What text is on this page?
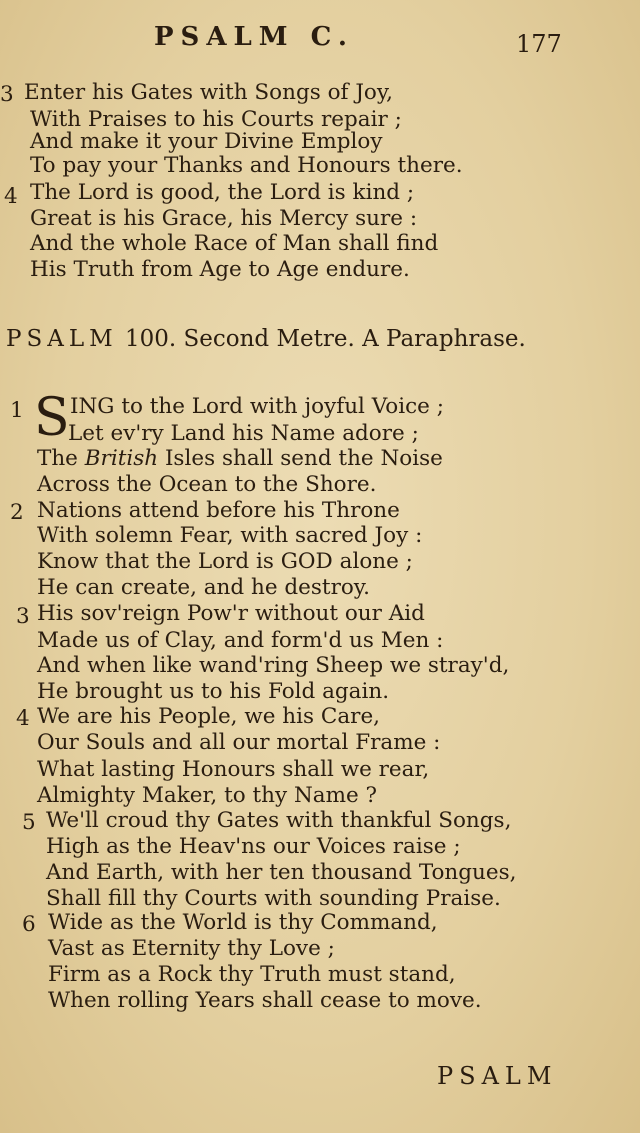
PSALM C.	177
3 Enter his Gates with Songs of Joy,
With Praises to his Courts repair ;
And make it your Divine Employ
To pay your Thanks and Honours there.
4 The Lord is good, the Lord is kind ;
Great is his Grace, his Mercy sure :
And the whole Race of Man shall find
His Truth from Age to Age endure.
PSALM 100. Second Metre. A Paraphrase.
1 S ING to the Lord with joyful Voice ;
Let ev'ry Land his Name adore ;
The British Isles shall send the Noise
Across the Ocean to the Shore.
2 Nations attend before his Throne
With solemn Fear, with sacred Joy :
Know that the Lord is GOD alone ;
He can create, and he destroy.
3 His sov'reign Pow'r without our Aid
Made us of Clay, and form'd us Men :
And when like wand'ring Sheep we stray'd,
He brought us to his Fold again.
4 We are his People, we his Care,
Our Souls and all our mortal Frame :
What lasting Honours shall we rear,
Almighty Maker, to thy Name ?
5 We'll croud thy Gates with thankful Songs,
High as the Heav'ns our Voices raise ;
And Earth, with her ten thousand Tongues,
Shall fill thy Courts with sounding Praise.
6 Wide as the World is thy Command,
Vast as Eternity thy Love ;
Firm as a Rock thy Truth must stand,
When rolling Years shall cease to move.
PSALM
